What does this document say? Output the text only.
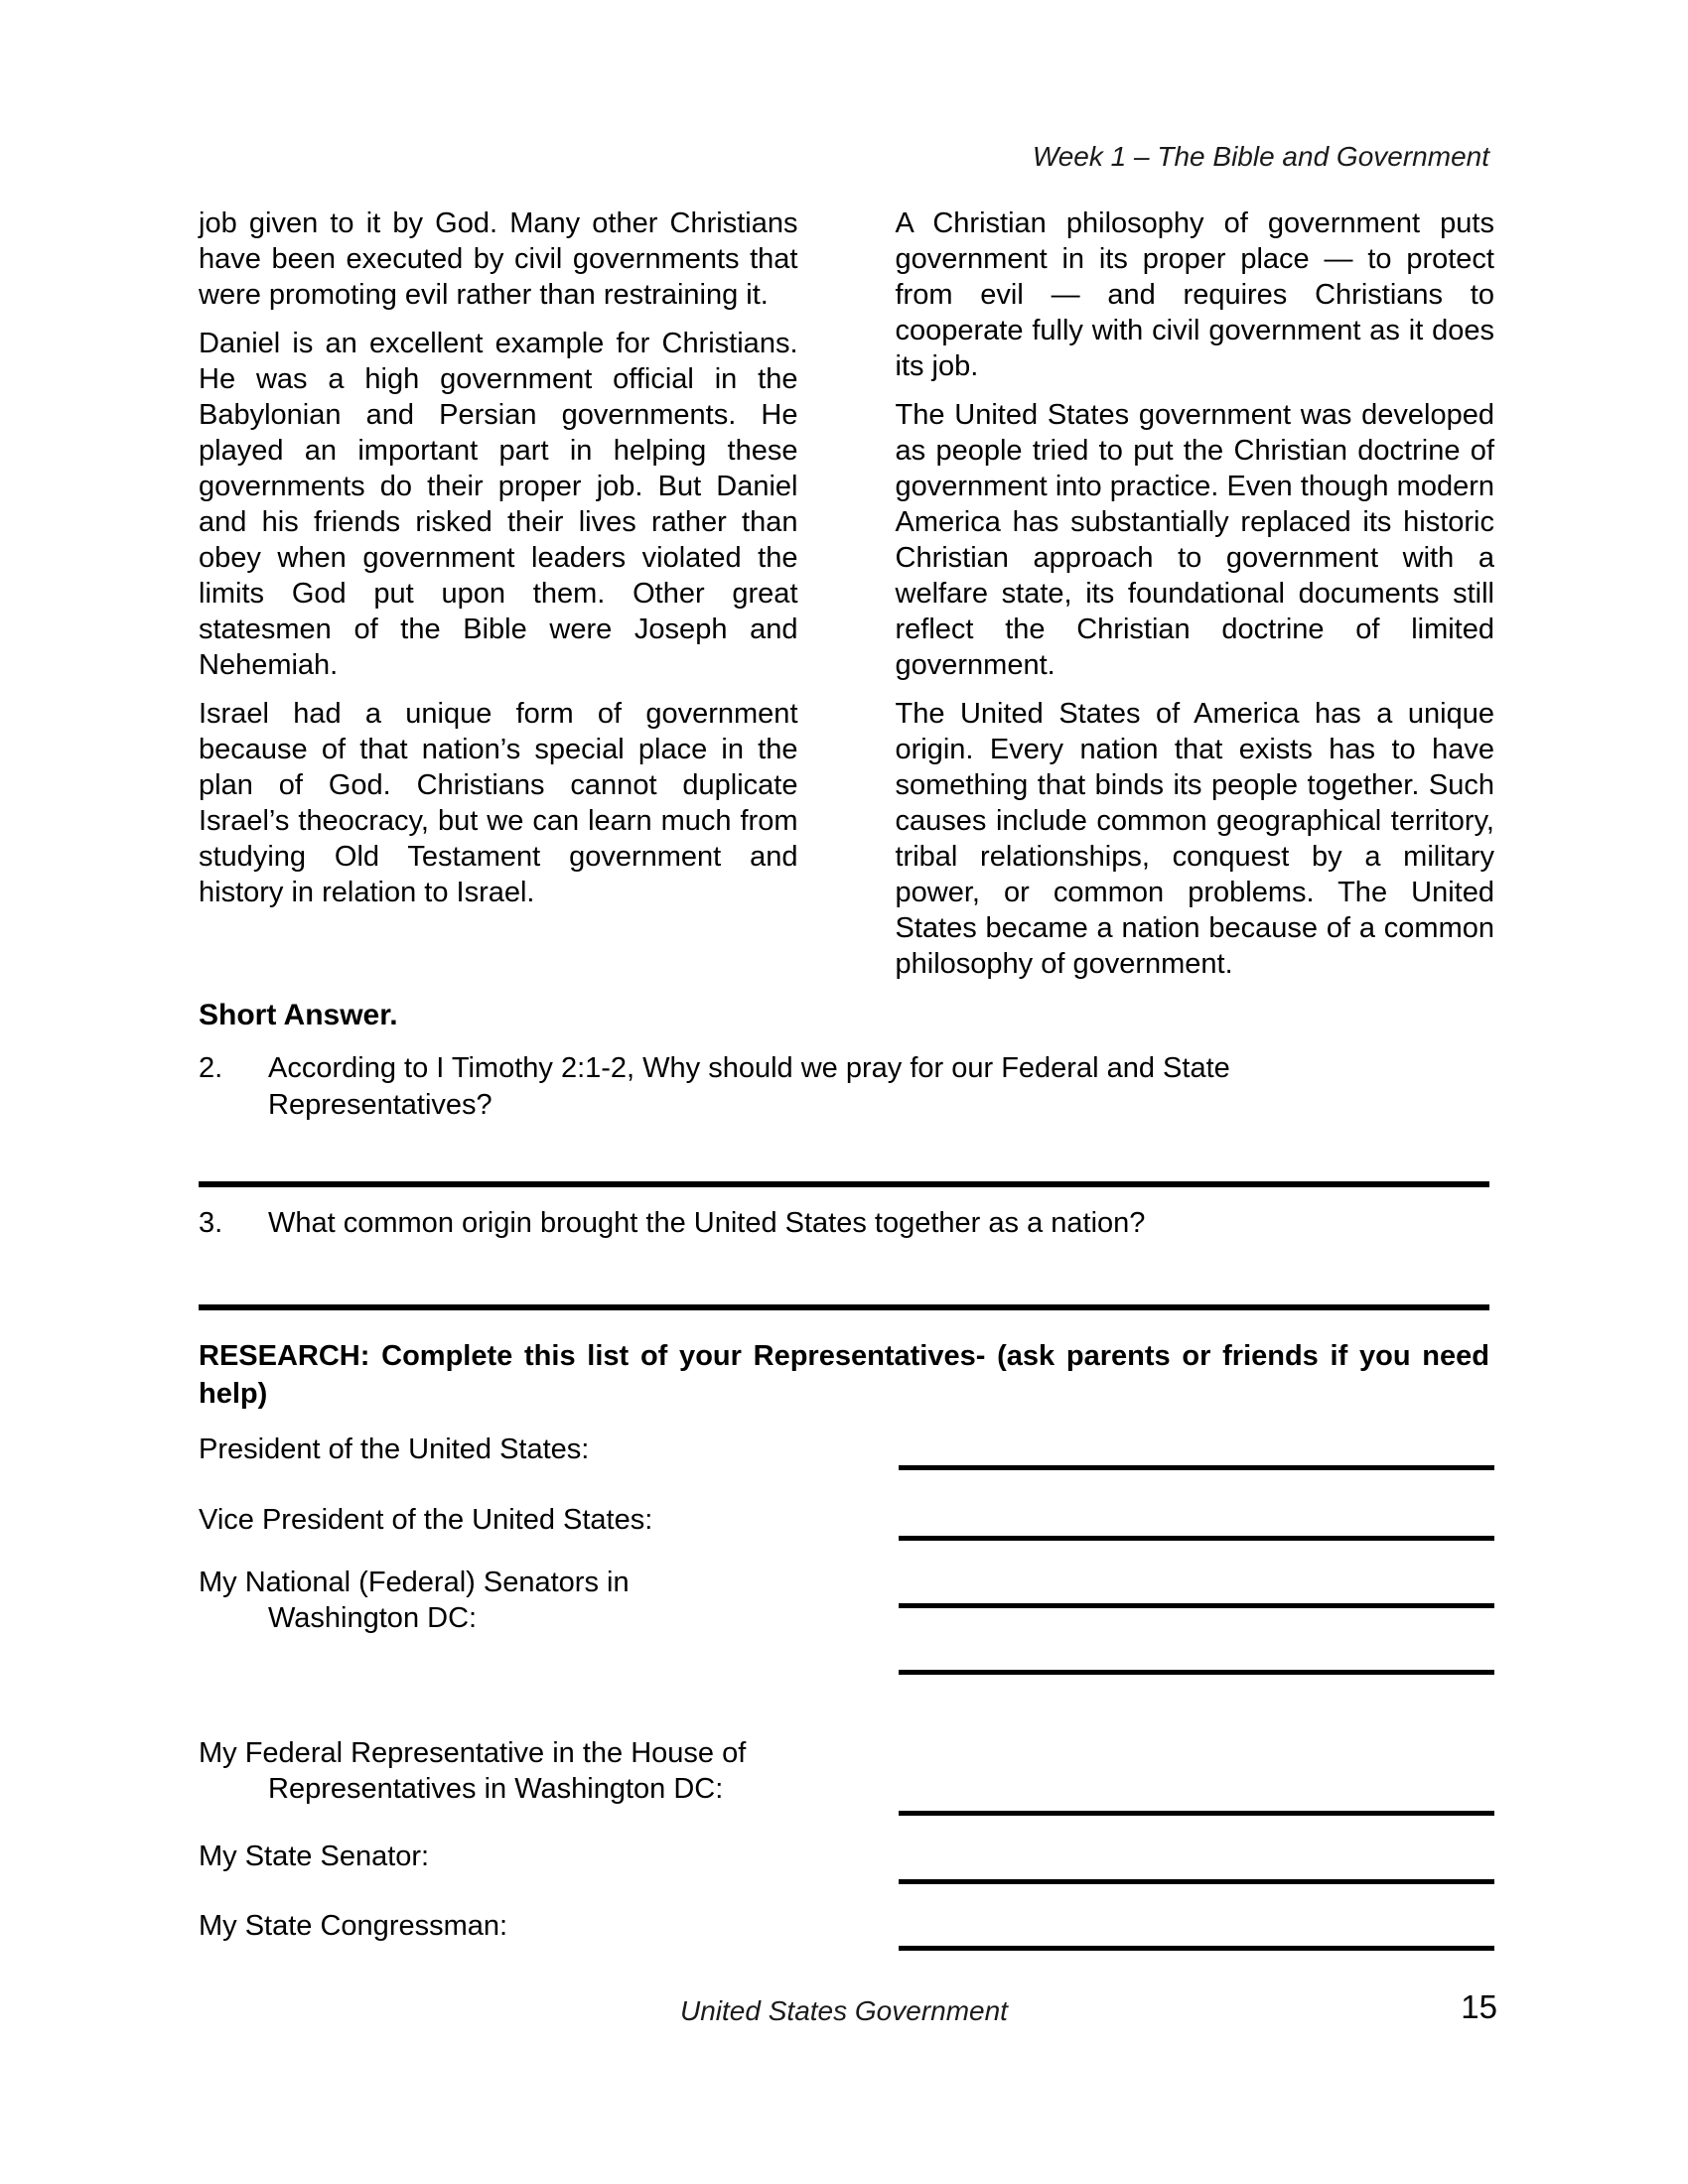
Week 1 – The Bible and Government

job given to it by God. Many other Christians have been executed by civil governments that were promoting evil rather than restraining it.

Daniel is an excellent example for Christians. He was a high government official in the Babylonian and Persian governments. He played an important part in helping these governments do their proper job. But Daniel and his friends risked their lives rather than obey when government leaders violated the limits God put upon them. Other great statesmen of the Bible were Joseph and Nehemiah.

Israel had a unique form of government because of that nation’s special place in the plan of God. Christians cannot duplicate Israel’s theocracy, but we can learn much from studying Old Testament government and history in relation to Israel.

A Christian philosophy of government puts government in its proper place — to protect from evil — and requires Christians to cooperate fully with civil government as it does its job.

The United States government was developed as people tried to put the Christian doctrine of government into practice. Even though modern America has substantially replaced its historic Christian approach to government with a welfare state, its foundational documents still reflect the Christian doctrine of limited government.

The United States of America has a unique origin. Every nation that exists has to have something that binds its people together. Such causes include common geographical territory, tribal relationships, conquest by a military power, or common problems. The United States became a nation because of a common philosophy of government.

Short Answer.
2.	According to I Timothy 2:1-2, Why should we pray for our Federal and State Representatives?
3.	What common origin brought the United States together as a nation?
RESEARCH: Complete this list of your Representatives- (ask parents or friends if you need help)
President of the United States:
Vice President of the United States:
My National (Federal) Senators in
Washington DC:
My Federal Representative in the House of
Representatives in Washington DC:
My State Senator:
My State Congressman:
United States Government	15
